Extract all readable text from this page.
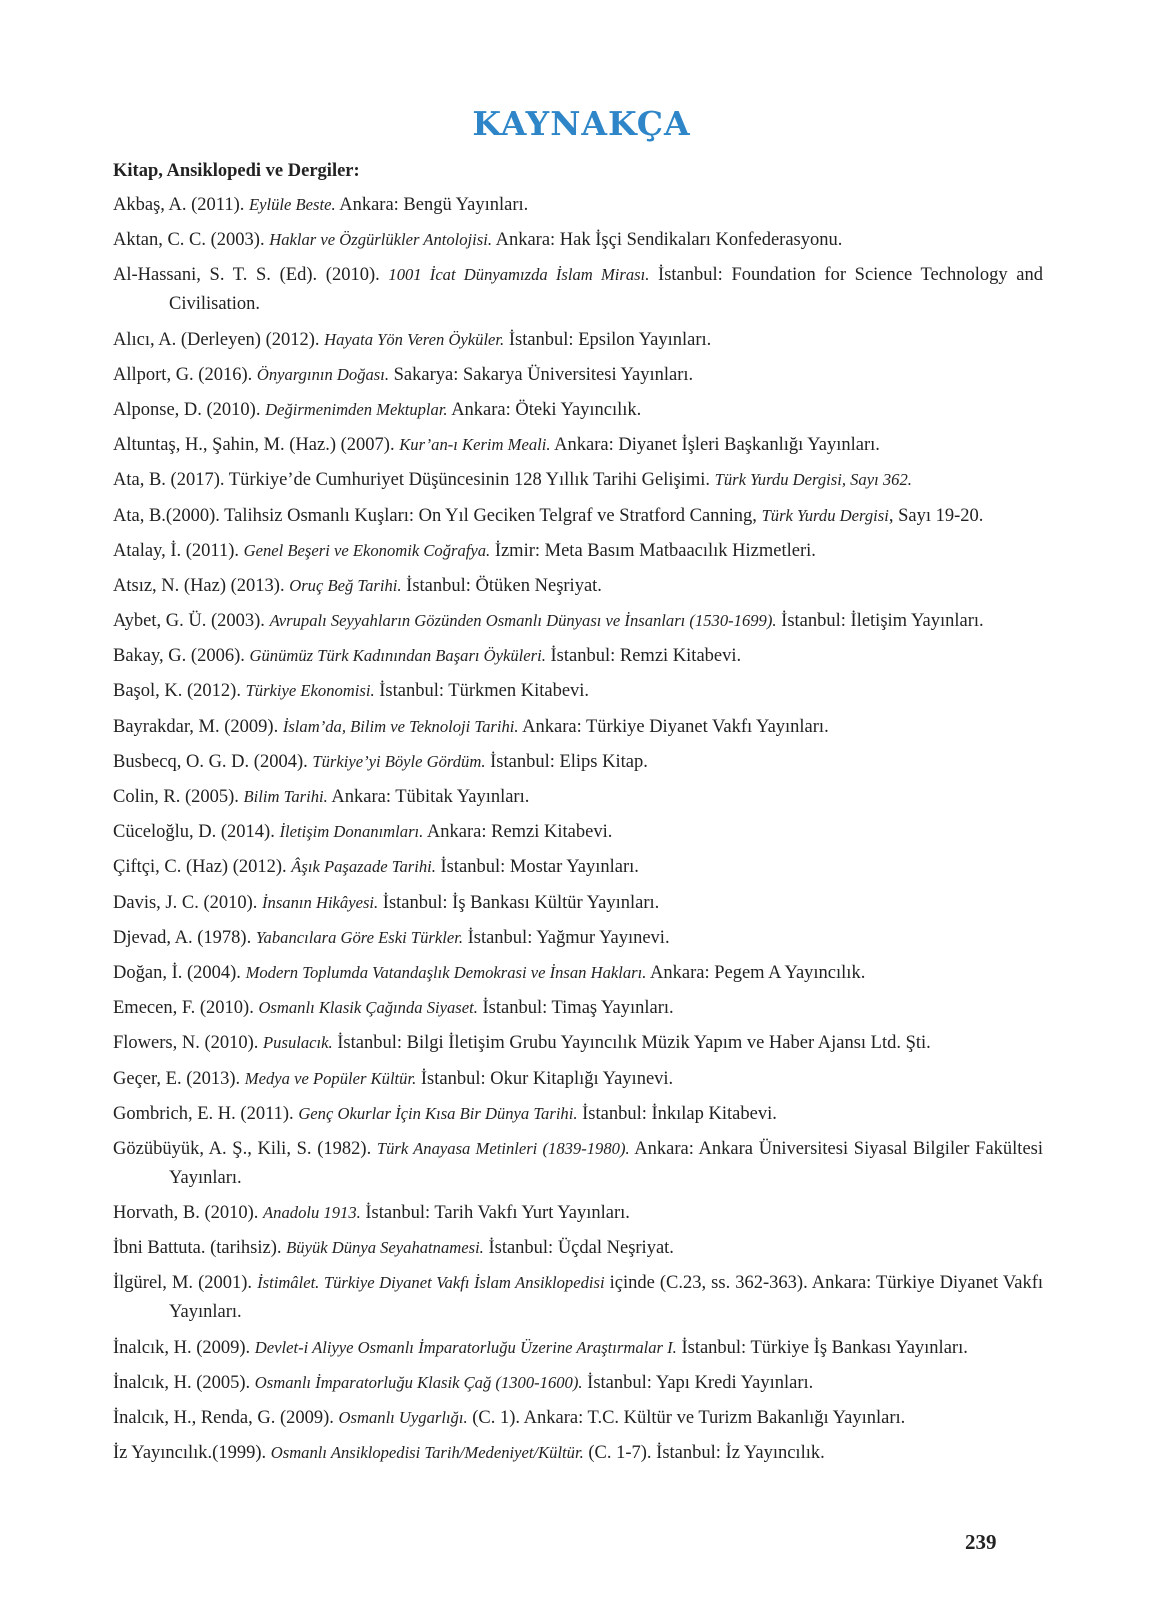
KAYNAKÇA
Kitap, Ansiklopedi ve Dergiler:
Akbaş, A. (2011). Eylüle Beste. Ankara: Bengü Yayınları.
Aktan, C. C. (2003). Haklar ve Özgürlükler Antolojisi. Ankara: Hak İşçi Sendikaları Konfederasyonu.
Al-Hassani, S. T. S. (Ed). (2010). 1001 İcat Dünyamızda İslam Mirası. İstanbul: Foundation for Science Technology and Civilisation.
Alıcı, A. (Derleyen) (2012). Hayata Yön Veren Öyküler. İstanbul: Epsilon Yayınları.
Allport, G. (2016). Önyargının Doğası. Sakarya: Sakarya Üniversitesi Yayınları.
Alponse, D. (2010). Değirmenimden Mektuplar. Ankara: Öteki Yayıncılık.
Altuntaş, H., Şahin, M. (Haz.) (2007). Kur’an-ı Kerim Meali. Ankara: Diyanet İşleri Başkanlığı Yayınları.
Ata, B. (2017). Türkiye’de Cumhuriyet Düşüncesinin 128 Yıllık Tarihi Gelişimi. Türk Yurdu Dergisi, Sayı 362.
Ata, B.(2000). Talihsiz Osmanlı Kuşları: On Yıl Geciken Telgraf ve Stratford Canning, Türk Yurdu Dergisi, Sayı 19-20.
Atalay, İ. (2011). Genel Beşeri ve Ekonomik Coğrafya. İzmir: Meta Basım Matbaacılık Hizmetleri.
Atsız, N. (Haz) (2013). Oruç Beğ Tarihi. İstanbul: Ötüken Neşriyat.
Aybet, G. Ü. (2003). Avrupalı Seyyahların Gözünden Osmanlı Dünyası ve İnsanları (1530-1699). İstanbul: İletişim Yayınları.
Bakay, G. (2006). Günümüz Türk Kadınından Başarı Öyküleri. İstanbul: Remzi Kitabevi.
Başol, K. (2012). Türkiye Ekonomisi. İstanbul: Türkmen Kitabevi.
Bayrakdar, M. (2009). İslam’da, Bilim ve Teknoloji Tarihi. Ankara: Türkiye Diyanet Vakfı Yayınları.
Busbecq, O. G. D. (2004). Türkiye’yi Böyle Gördüm. İstanbul: Elips Kitap.
Colin, R. (2005). Bilim Tarihi. Ankara: Tübitak Yayınları.
Cüceloğlu, D. (2014). İletişim Donanımları. Ankara: Remzi Kitabevi.
Çiftçi, C. (Haz) (2012). Âşık Paşazade Tarihi. İstanbul: Mostar Yayınları.
Davis, J. C. (2010). İnsanın Hikâyesi. İstanbul: İş Bankası Kültür Yayınları.
Djevad, A. (1978). Yabancılara Göre Eski Türkler. İstanbul: Yağmur Yayınevi.
Doğan, İ. (2004). Modern Toplumda Vatandaşlık Demokrasi ve İnsan Hakları. Ankara: Pegem A Yayıncılık.
Emecen, F. (2010). Osmanlı Klasik Çağında Siyaset. İstanbul: Timaş Yayınları.
Flowers, N. (2010). Pusulacık. İstanbul: Bilgi İletişim Grubu Yayıncılık Müzik Yapım ve Haber Ajansı Ltd. Şti.
Geçer, E. (2013). Medya ve Popüler Kültür. İstanbul: Okur Kitaplığı Yayınevi.
Gombrich, E. H. (2011). Genç Okurlar İçin Kısa Bir Dünya Tarihi. İstanbul: İnkılap Kitabevi.
Gözübüyük, A. Ş., Kili, S. (1982). Türk Anayasa Metinleri (1839-1980). Ankara: Ankara Üniversitesi Siyasal Bilgiler Fakültesi Yayınları.
Horvath, B. (2010). Anadolu 1913. İstanbul: Tarih Vakfı Yurt Yayınları.
İbni Battuta. (tarihsiz). Büyük Dünya Seyahatnamesi. İstanbul: Üçdal Neşriyat.
İlgürel, M. (2001). İstimâlet. Türkiye Diyanet Vakfı İslam Ansiklopedisi içinde (C.23, ss. 362-363). Ankara: Türkiye Diyanet Vakfı Yayınları.
İnalcık, H. (2009). Devlet-i Aliyye Osmanlı İmparatorluğu Üzerine Araştırmalar I. İstanbul: Türkiye İş Bankası Yayınları.
İnalcık, H. (2005). Osmanlı İmparatorluğu Klasik Çağ (1300-1600). İstanbul: Yapı Kredi Yayınları.
İnalcık, H., Renda, G. (2009). Osmanlı Uygarlığı. (C. 1). Ankara: T.C. Kültür ve Turizm Bakanlığı Yayınları.
İz Yayıncılık.(1999). Osmanlı Ansiklopedisi Tarih/Medeniyet/Kültür. (C. 1-7). İstanbul: İz Yayıncılık.
239
